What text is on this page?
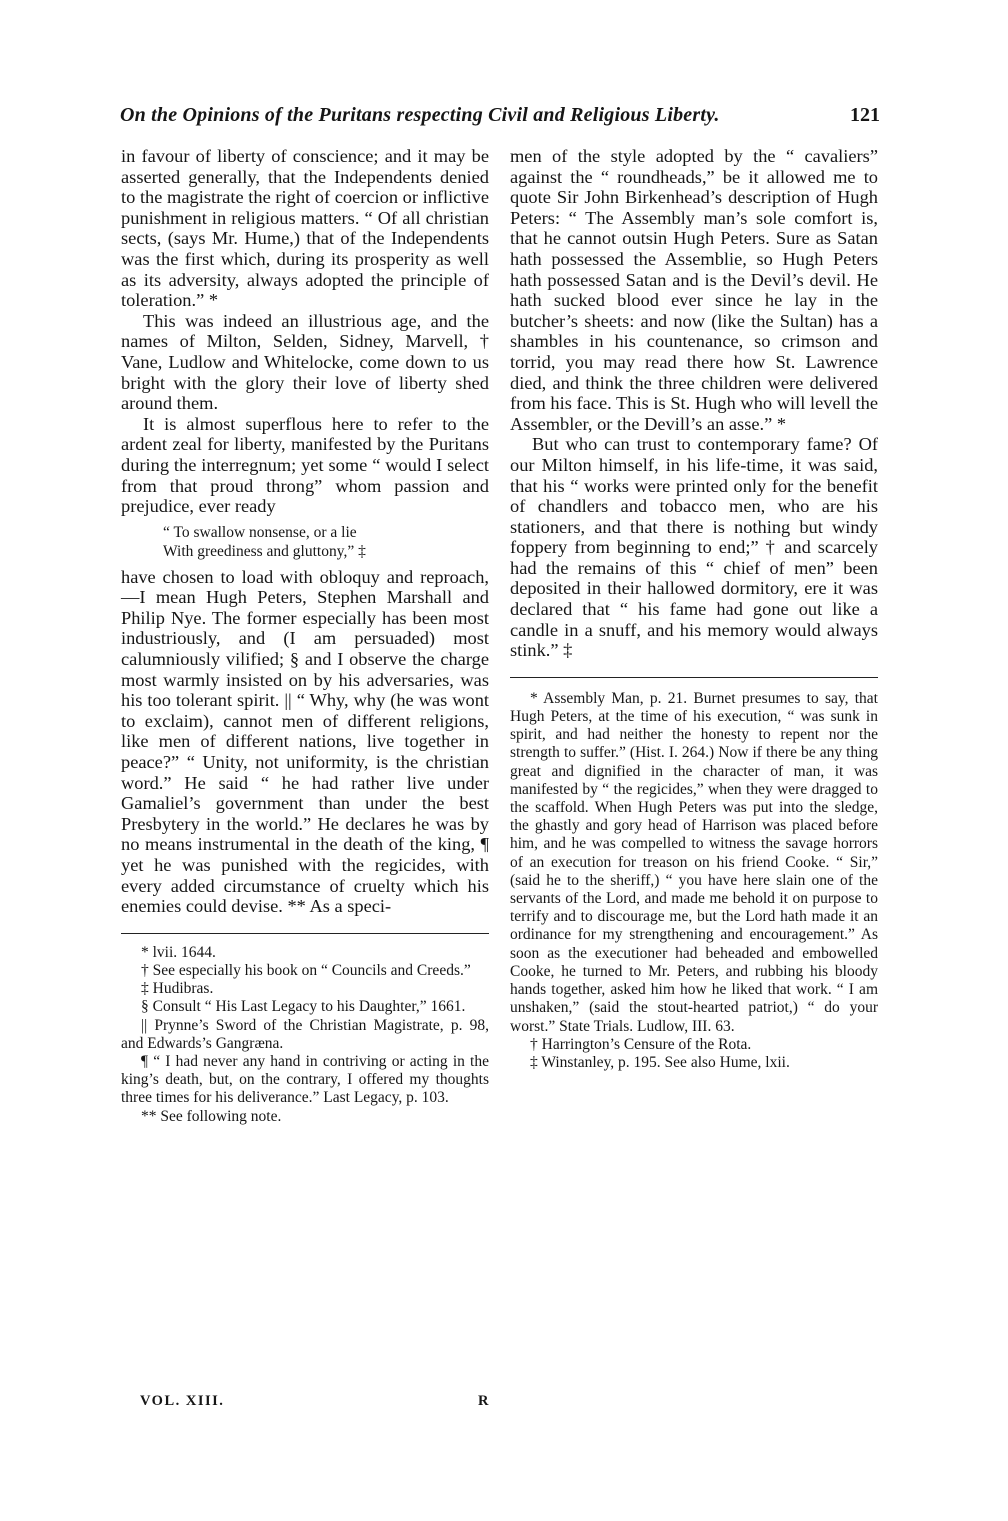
On the Opinions of the Puritans respecting Civil and Religious Liberty.	121

in favour of liberty of conscience; and it may be asserted generally, that the Independents denied to the magistrate the right of coercion or inflictive punishment in religious matters. “ Of all christian sects, (says Mr. Hume,) that of the Independents was the first which, during its prosperity as well as its adversity, always adopted the principle of toleration.” *

This was indeed an illustrious age, and the names of Milton, Selden, Sidney, Marvell, † Vane, Ludlow and Whitelocke, come down to us bright with the glory their love of liberty shed around them.

It is almost superflous here to refer to the ardent zeal for liberty, manifested by the Puritans during the interregnum; yet some “ would I select from that proud throng” whom passion and prejudice, ever ready

“ To swallow nonsense, or a lie
With greediness and gluttony,” ‡

have chosen to load with obloquy and reproach,—I mean Hugh Peters, Stephen Marshall and Philip Nye. The former especially has been most industriously, and (I am persuaded) most calumniously vilified; § and I observe the charge most warmly insisted on by his adversaries, was his too tolerant spirit. || “ Why, why (he was wont to exclaim), cannot men of different religions, like men of different nations, live together in peace?” “ Unity, not uniformity, is the christian word.” He said “ he had rather live under Gamaliel’s government than under the best Presbytery in the world.” He declares he was by no means instrumental in the death of the king, ¶ yet he was punished with the regicides, with every added circumstance of cruelty which his enemies could devise. ** As a speci-

* lvii. 1644.

† See especially his book on “ Councils and Creeds.”

‡ Hudibras.

§ Consult “ His Last Legacy to his Daughter,” 1661.

|| Prynne’s Sword of the Christian Magistrate, p. 98, and Edwards’s Gangræna.

¶ “ I had never any hand in contriving or acting in the king’s death, but, on the contrary, I offered my thoughts three times for his deliverance.” Last Legacy, p. 103.

** See following note.

men of the style adopted by the “ cavaliers” against the “ roundheads,” be it allowed me to quote Sir John Birkenhead’s description of Hugh Peters: “ The Assembly man’s sole comfort is, that he cannot outsin Hugh Peters. Sure as Satan hath possessed the Assemblie, so Hugh Peters hath possessed Satan and is the Devil’s devil. He hath sucked blood ever since he lay in the butcher’s sheets: and now (like the Sultan) has a shambles in his countenance, so crimson and torrid, you may read there how St. Lawrence died, and think the three children were delivered from his face. This is St. Hugh who will levell the Assembler, or the Devill’s an asse.” *

But who can trust to contemporary fame? Of our Milton himself, in his life-time, it was said, that his “ works were printed only for the benefit of chandlers and tobacco men, who are his stationers, and that there is nothing but windy foppery from beginning to end;” † and scarcely had the remains of this “ chief of men” been deposited in their hallowed dormitory, ere it was declared that “ his fame had gone out like a candle in a snuff, and his memory would always stink.” ‡

* Assembly Man, p. 21. Burnet presumes to say, that Hugh Peters, at the time of his execution, “ was sunk in spirit, and had neither the honesty to repent nor the strength to suffer.” (Hist. I. 264.) Now if there be any thing great and dignified in the character of man, it was manifested by “ the regicides,” when they were dragged to the scaffold. When Hugh Peters was put into the sledge, the ghastly and gory head of Harrison was placed before him, and he was compelled to witness the savage horrors of an execution for treason on his friend Cooke. “ Sir,” (said he to the sheriff,) “ you have here slain one of the servants of the Lord, and made me behold it on purpose to terrify and to discourage me, but the Lord hath made it an ordinance for my strengthening and encouragement.” As soon as the executioner had beheaded and embowelled Cooke, he turned to Mr. Peters, and rubbing his bloody hands together, asked him how he liked that work. “ I am unshaken,” (said the stout-hearted patriot,) “ do your worst.” State Trials. Ludlow, III. 63.

† Harrington’s Censure of the Rota.

‡ Winstanley, p. 195. See also Hume, lxii.

VOL. XIII.	R
